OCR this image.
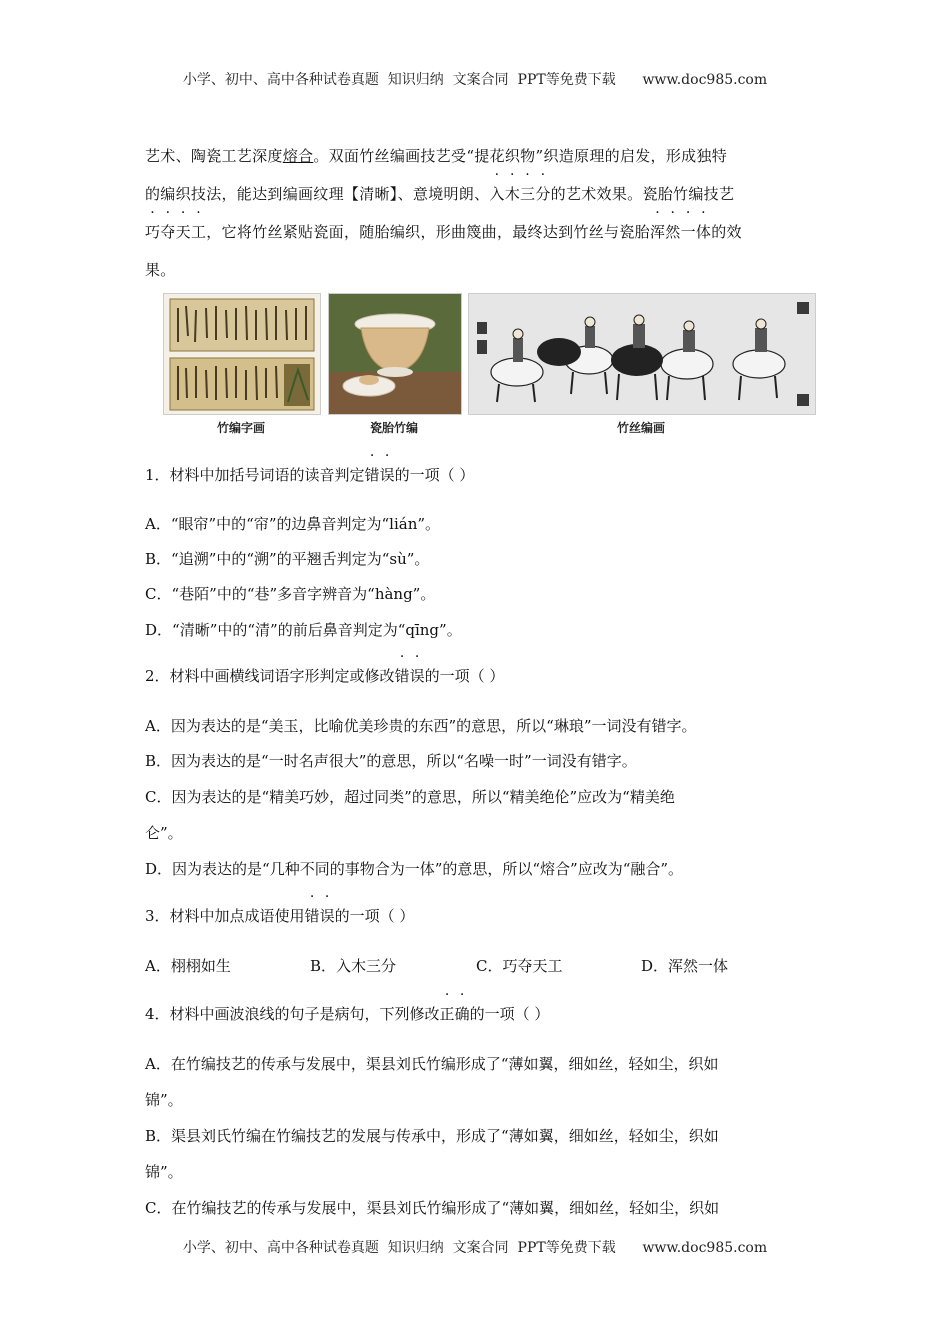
小学、初中、高中各种试卷真题  知识归纳  文案合同  PPT等免费下载      www.doc985.com
艺术、陶瓷工艺深度熔合。双面竹丝编画技艺受“提花织物”织造原理的启发，形成独特
的编织技法，能达到编画纹理【清晰】、意境明朗、入木三分的艺术效果。瓷胎竹编技艺
巧夺天工，它将竹丝紧贴瓷面，随胎编织，形曲篾曲，最终达到竹丝与瓷胎浑然一体的效
果。
竹编字画	瓷胎竹编	竹丝编画
1．材料中加括号词语的读音判定错误的一项（ ）
A．“眼帘”中的“帘”的边鼻音判定为“lián”。
B．“追溯”中的“溯”的平翘舌判定为“sù”。
C．“巷陌”中的“巷”多音字辨音为“hàng”。
D．“清晰”中的“清”的前后鼻音判定为“qīng”。
2．材料中画横线词语字形判定或修改错误的一项（ ）
A．因为表达的是“美玉，比喻优美珍贵的东西”的意思，所以“琳琅”一词没有错字。
B．因为表达的是“一时名声很大”的意思，所以“名噪一时”一词没有错字。
C．因为表达的是“精美巧妙，超过同类”的意思，所以“精美绝伦”应改为“精美绝
仑”。
D．因为表达的是“几种不同的事物合为一体”的意思，所以“熔合”应改为“融合”。
3．材料中加点成语使用错误的一项（ ）
A．栩栩如生	B．入木三分	C．巧夺天工	D．浑然一体
4．材料中画波浪线的句子是病句，下列修改正确的一项（ ）
A．在竹编技艺的传承与发展中，渠县刘氏竹编形成了“薄如翼，细如丝，轻如尘，织如
锦”。
B．渠县刘氏竹编在竹编技艺的发展与传承中，形成了“薄如翼，细如丝，轻如尘，织如
锦”。
C．在竹编技艺的传承与发展中，渠县刘氏竹编形成了“薄如翼，细如丝，轻如尘，织如
小学、初中、高中各种试卷真题  知识归纳  文案合同  PPT等免费下载      www.doc985.com
